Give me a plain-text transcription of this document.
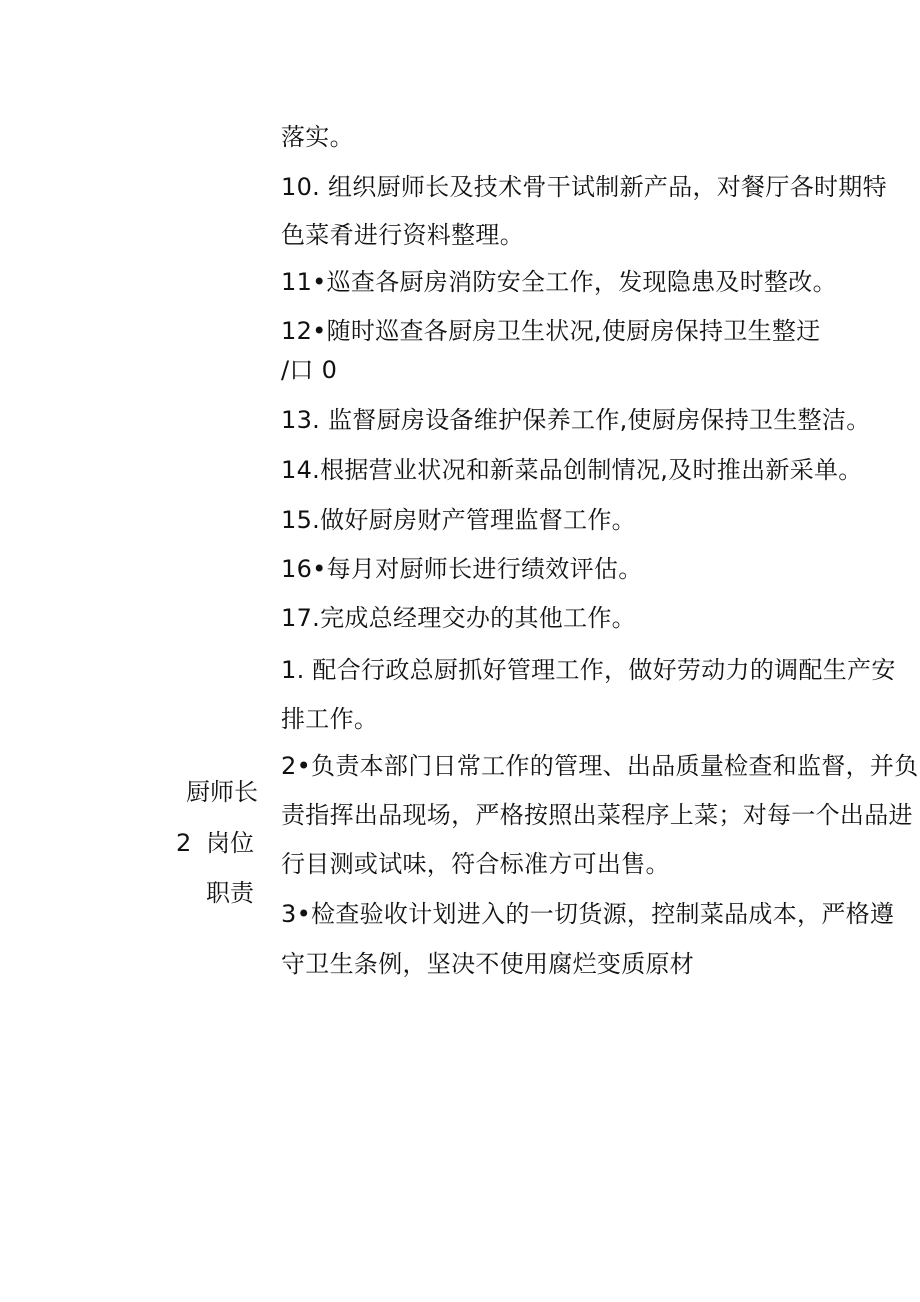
落实。
10. 组织厨师长及技术骨干试制新产品，对餐厅各时期特
色菜肴进行资料整理。
11•巡查各厨房消防安全工作，发现隐患及时整改。
12•随时巡查各厨房卫生状况,使厨房保持卫生整迂
/口 0
13. 监督厨房设备维护保养工作,使厨房保持卫生整洁。
14.根据营业状况和新菜品创制情况,及时推出新采单。
15.做好厨房财产管理监督工作。
16•每月对厨师长进行绩效评估。
17.完成总经理交办的其他工作。
1. 配合行政总厨抓好管理工作，做好劳动力的调配生产安
排工作。
2•负责本部门日常工作的管理、出品质量检查和监督，并负
责指挥出品现场，严格按照出菜程序上菜；对每一个出品进
行目测或试味，符合标准方可出售。
3•检查验收计划进入的一切货源，控制菜品成本，严格遵
守卫生条例，坚决不使用腐烂变质原材
厨师长
2 岗位
职责
